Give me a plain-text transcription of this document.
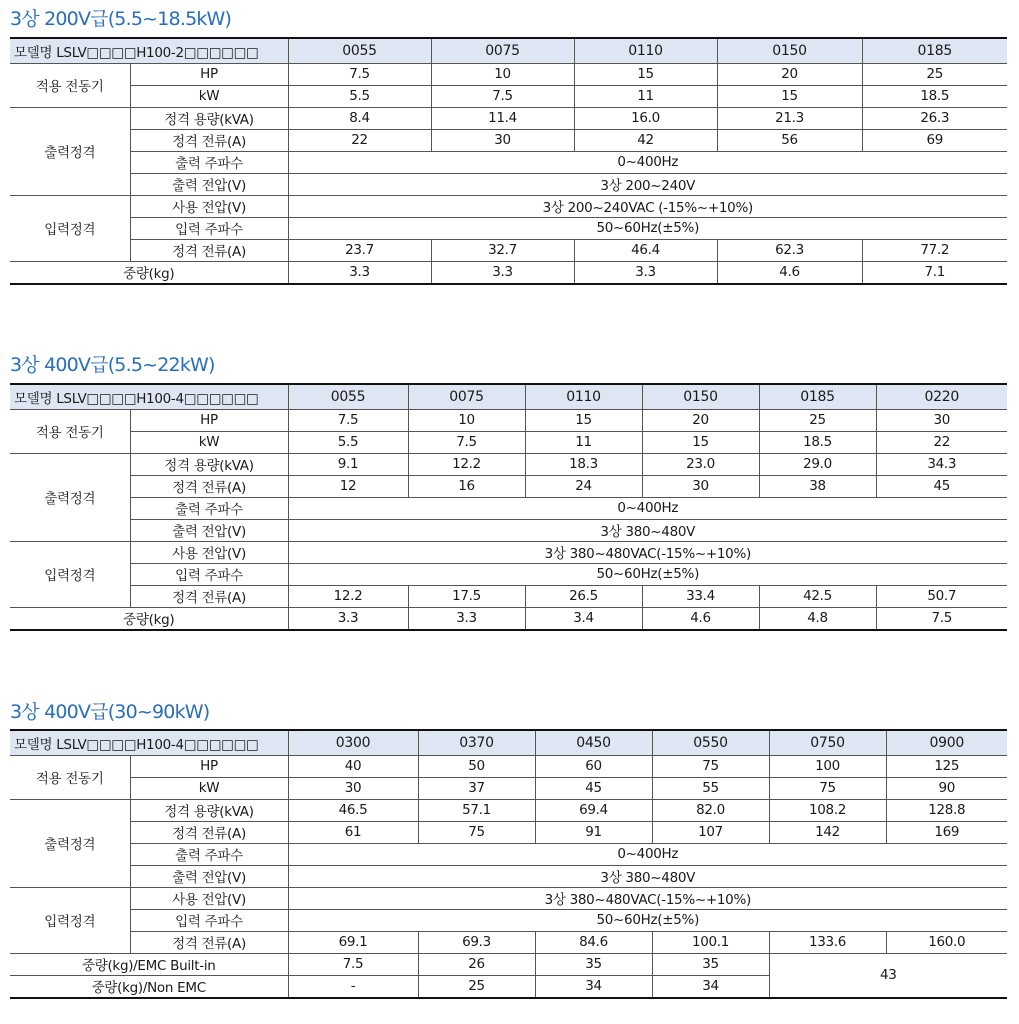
3상 200V급(5.5~18.5kW)
모델명 LSLV□□□□H100-2□□□□□□		0055	0075	0110	0150	0185
적용 전동기	HP	7.5	10	15	20	25
	kW	5.5	7.5	11	15	18.5
출력정격	정격 용량(kVA)	8.4	11.4	16.0	21.3	26.3
	정격 전류(A)	22	30	42	56	69
	출력 주파수	0~400Hz				
	출력 전압(V)	3상 200~240V				
입력정격	사용 전압(V)	3상 200~240VAC (-15%~+10%)				
	입력 주파수	50~60Hz(±5%)				
	정격 전류(A)	23.7	32.7	46.4	62.3	77.2
중량(kg)		3.3	3.3	3.3	4.6	7.1
3상 400V급(5.5~22kW)
모델명 LSLV□□□□H100-4□□□□□□		0055	0075	0110	0150	0185	0220
적용 전동기	HP	7.5	10	15	20	25	30
	kW	5.5	7.5	11	15	18.5	22
출력정격	정격 용량(kVA)	9.1	12.2	18.3	23.0	29.0	34.3
	정격 전류(A)	12	16	24	30	38	45
	출력 주파수	0~400Hz					
	출력 전압(V)	3상 380~480V					
입력정격	사용 전압(V)	3상 380~480VAC(-15%~+10%)					
	입력 주파수	50~60Hz(±5%)					
	정격 전류(A)	12.2	17.5	26.5	33.4	42.5	50.7
중량(kg)		3.3	3.3	3.4	4.6	4.8	7.5
3상 400V급(30~90kW)
모델명 LSLV□□□□H100-4□□□□□□		0300	0370	0450	0550	0750	0900
적용 전동기	HP	40	50	60	75	100	125
	kW	30	37	45	55	75	90
출력정격	정격 용량(kVA)	46.5	57.1	69.4	82.0	108.2	128.8
	정격 전류(A)	61	75	91	107	142	169
	출력 주파수	0~400Hz					
	출력 전압(V)	3상 380~480V					
입력정격	사용 전압(V)	3상 380~480VAC(-15%~+10%)					
	입력 주파수	50~60Hz(±5%)					
	정격 전류(A)	69.1	69.3	84.6	100.1	133.6	160.0
중량(kg)/EMC Built-in		7.5	26	35	35	43	
중량(kg)/Non EMC		-	25	34	34		
